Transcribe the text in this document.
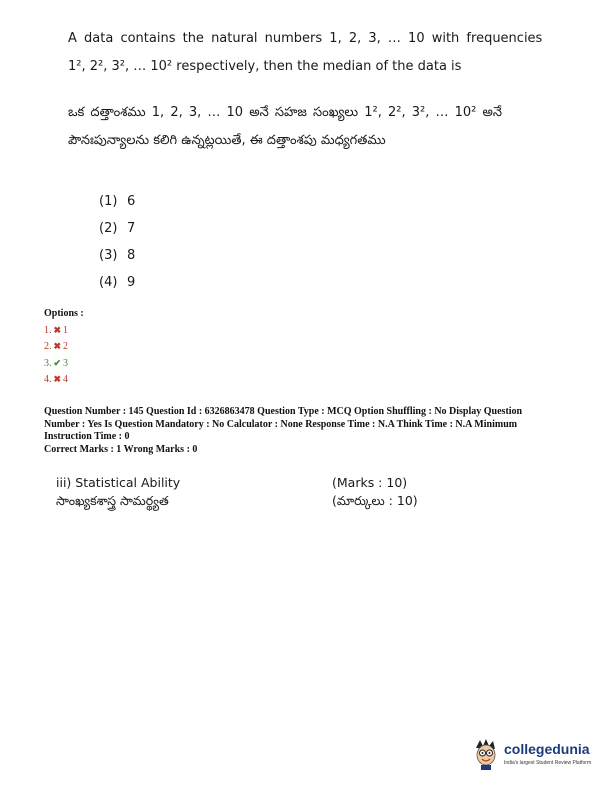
A data contains the natural numbers 1, 2, 3, … 10 with frequencies

1², 2², 3², … 10² respectively, then the median of the data is

ఒక దత్తాంశము 1, 2, 3, … 10 అనే సహజ సంఖ్యలు 1², 2², 3², … 10² అనే

పౌనఃపున్యాలను కలిగి ఉన్నట్లయితే, ఈ దత్తాంశపు మధ్యగతము

(1) 6
(2) 7
(3) 8
(4) 9
Options :
1. ✖ 1
2. ✖ 2
3. ✔ 3
4. ✖ 4
Question Number : 145 Question Id : 6326863478 Question Type : MCQ Option Shuffling : No Display Question
Number : Yes Is Question Mandatory : No Calculator : None Response Time : N.A Think Time : N.A Minimum
Instruction Time : 0
Correct Marks : 1 Wrong Marks : 0
iii) Statistical Ability	(Marks : 10)
సాంఖ్యకశాస్త్ర సామర్థ్యత	(మార్కులు : 10)
collegedunia
India's largest Student Review Platform
